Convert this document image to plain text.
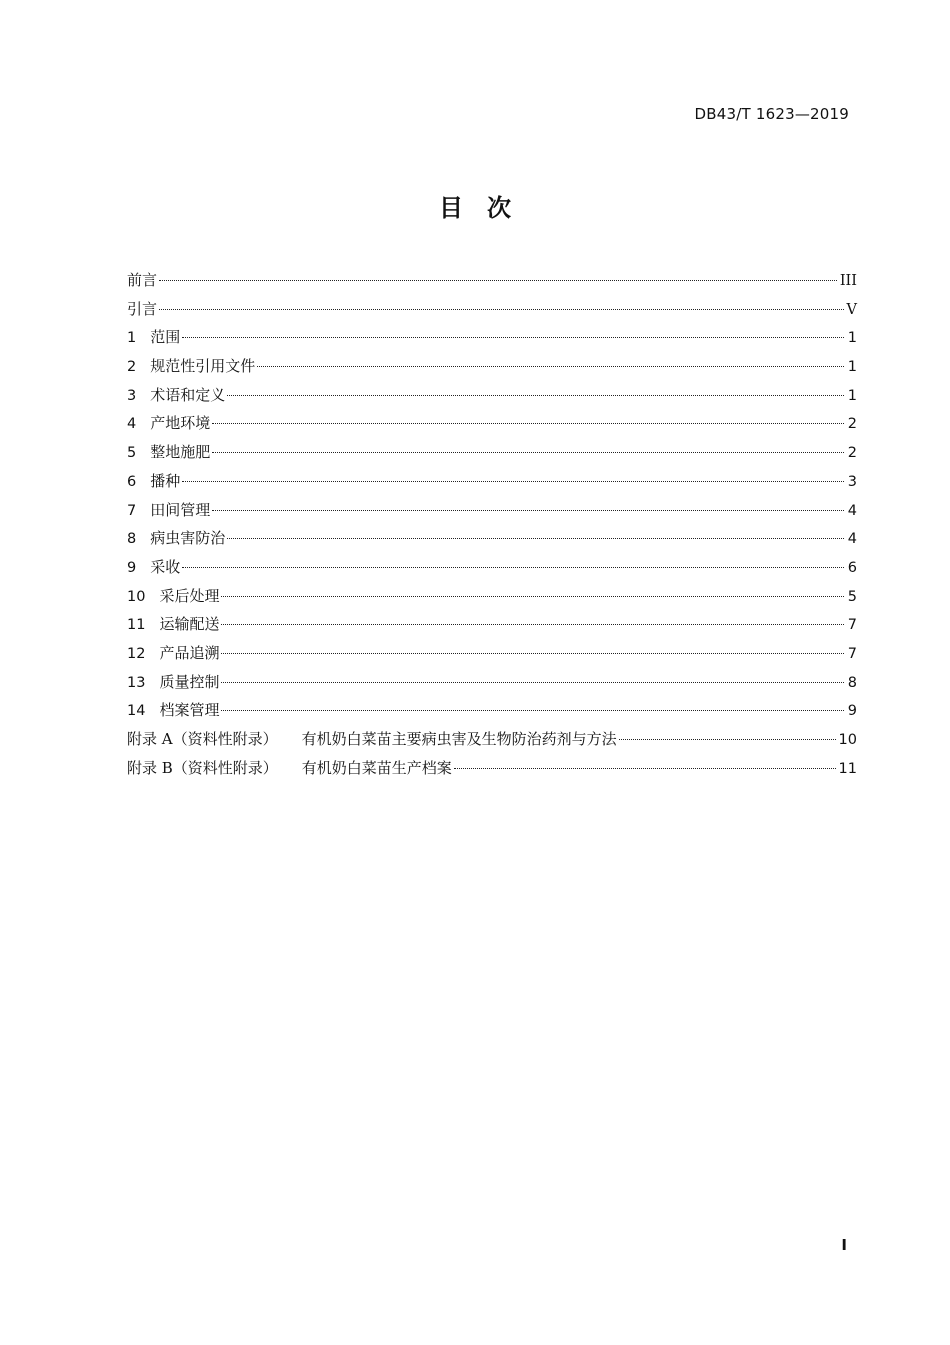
DB43/T 1623—2019
目　次
前言	III
引言	V
1 范围	1
2 规范性引用文件	1
3 术语和定义	1
4 产地环境	2
5 整地施肥	2
6 播种	3
7 田间管理	4
8 病虫害防治	4
9 采收	6
10 采后处理	5
11 运输配送	7
12 产品追溯	7
13 质量控制	8
14 档案管理	9
附录 A（资料性附录） 有机奶白菜苗主要病虫害及生物防治药剂与方法	10
附录 B（资料性附录） 有机奶白菜苗生产档案	11
I
